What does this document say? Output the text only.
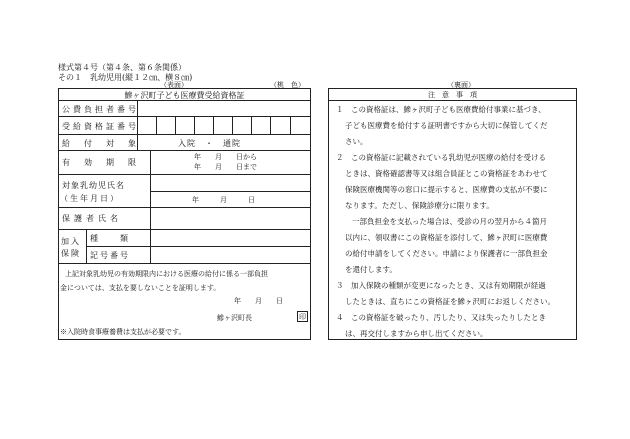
様式第４号（第４条、第６条関係）
その１　乳幼児用(縦１２㎝、横８㎝)
（表面）	（桃　色）	（裏面）
鰺ヶ沢町子ども医療費受給資格証
公費負担者番号
受給資格証番号
給　付　対　象	入院　・　通院
有　効　期　限
年　　月　　日から
年　　月　　日まで
対象乳幼児氏名
（生年月日）	年　　　月　　　日
保護者氏名
加入保険
種　　類
記号番号
上記対象乳幼児の有効期限内における医療の給付に係る一部負担
金については、支払を要しないことを証明します。
年　　月　　日
鰺ヶ沢町長	印
※入院時食事療養費は支払が必要です。
注　意　事　項
１　この資格証は、鰺ヶ沢町子ども医療費給付事業に基づき、
子ども医療費を給付する証明書ですから大切に保管してくだ
さい。
２　この資格証に記載されている乳幼児が医療の給付を受ける
ときは、資格確認書等又は組合員証とこの資格証をあわせて
保険医療機関等の窓口に提示すると、医療費の支払が不要に
なります。ただし、保険診療分に限ります。
一部負担金を支払った場合は、受診の月の翌月から４箇月
以内に、領収書にこの資格証を添付して、鰺ヶ沢町に医療費
の給付申請をしてください。申請により保護者に一部負担金
を還付します。
３　加入保険の種類が変更になったとき、又は有効期限が経過
したときは、直ちにこの資格証を鰺ヶ沢町にお返しください。
４　この資格証を破ったり、汚したり、又は失ったりしたとき
は、再交付しますから申し出てください。
